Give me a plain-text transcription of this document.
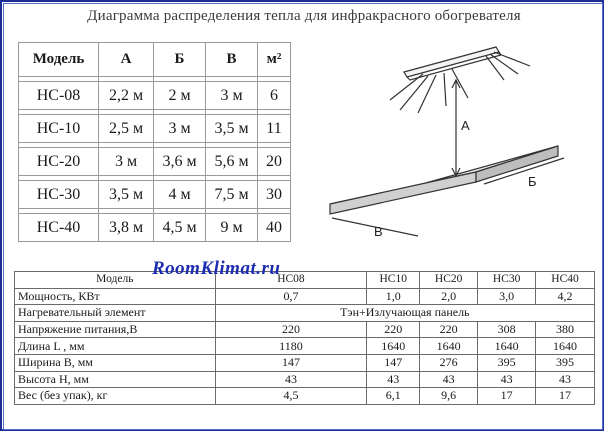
Диаграмма распределения тепла для инфракрасного обогревателя
Модель	А	Б	В	м²

НС-08	2,2 м	2 м	3 м	6

НС-10	2,5 м	3 м	3,5 м	11

НС-20	3 м	3,6 м	5,6 м	20

НС-30	3,5 м	4 м	7,5 м	30

НС-40	3,8 м	4,5 м	9 м	40
А
Б
В
Модель	НС08	НС10	НС20	НС30	НС40
Мощность, КВт	0,7	1,0	2,0	3,0	4,2
Нагревательный элемент	Тэн+Излучающая панель				
Напряжение питания,В	220	220	220	308	380
Длина L , мм	1180	1640	1640	1640	1640
Ширина В, мм	147	147	276	395	395
Высота Н, мм	43	43	43	43	43
Вес (без упак), кг	4,5	6,1	9,6	17	17
RoomKlimat.ru
